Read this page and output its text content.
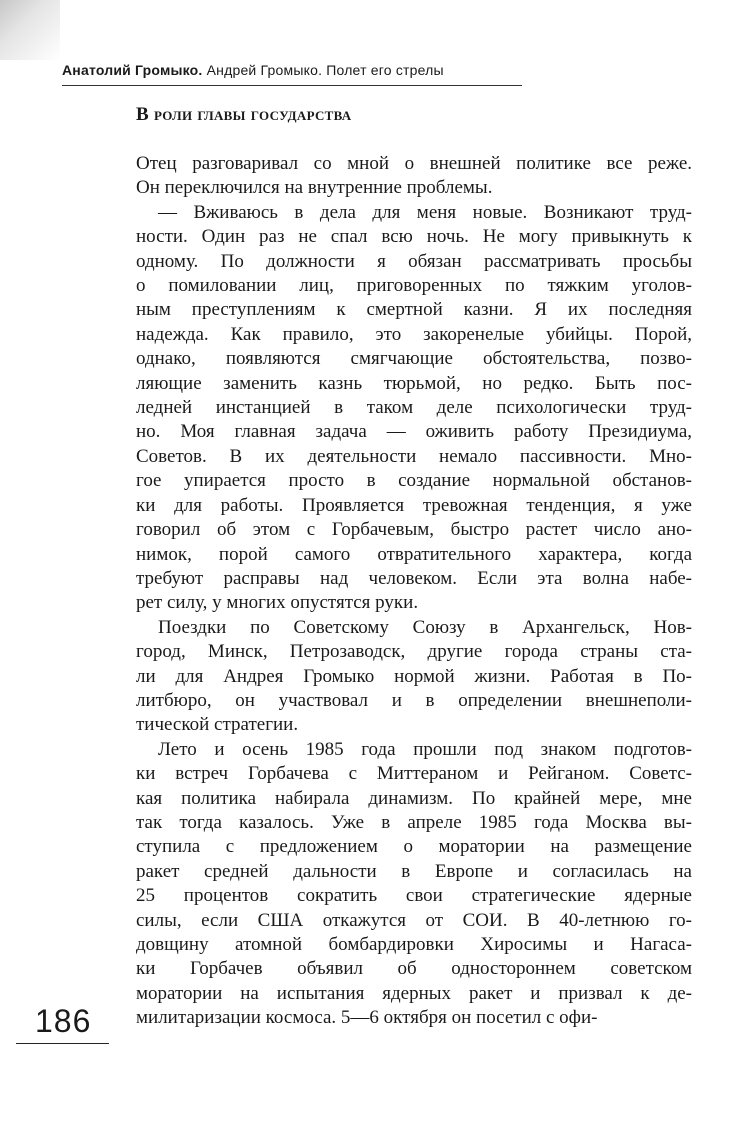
Анатолий Громыко. Андрей Громыко. Полет его стрелы
В роли главы государства
Отец разговаривал со мной о внешней политике все реже.
Он переключился на внутренние проблемы.
— Вживаюсь в дела для меня новые. Возникают труд-
ности. Один раз не спал всю ночь. Не могу привыкнуть к
одному. По должности я обязан рассматривать просьбы
о помиловании лиц, приговоренных по тяжким уголов-
ным преступлениям к смертной казни. Я их последняя
надежда. Как правило, это закоренелые убийцы. Порой,
однако, появляются смягчающие обстоятельства, позво-
ляющие заменить казнь тюрьмой, но редко. Быть пос-
ледней инстанцией в таком деле психологически труд-
но. Моя главная задача — оживить работу Президиума,
Советов. В их деятельности немало пассивности. Мно-
гое упирается просто в создание нормальной обстанов-
ки для работы. Проявляется тревожная тенденция, я уже
говорил об этом с Горбачевым, быстро растет число ано-
нимок, порой самого отвратительного характера, когда
требуют расправы над человеком. Если эта волна набе-
рет силу, у многих опустятся руки.
Поездки по Советскому Союзу в Архангельск, Нов-
город, Минск, Петрозаводск, другие города страны ста-
ли для Андрея Громыко нормой жизни. Работая в По-
литбюро, он участвовал и в определении внешнеполи-
тической стратегии.
Лето и осень 1985 года прошли под знаком подготов-
ки встреч Горбачева с Миттераном и Рейганом. Советс-
кая политика набирала динамизм. По крайней мере, мне
так тогда казалось. Уже в апреле 1985 года Москва вы-
ступила с предложением о моратории на размещение
ракет средней дальности в Европе и согласилась на
25 процентов сократить свои стратегические ядерные
силы, если США откажутся от СОИ. В 40-летнюю го-
довщину атомной бомбардировки Хиросимы и Нагаса-
ки Горбачев объявил об одностороннем советском
моратории на испытания ядерных ракет и призвал к де-
милитаризации космоса. 5—6 октября он посетил с офи-
186
